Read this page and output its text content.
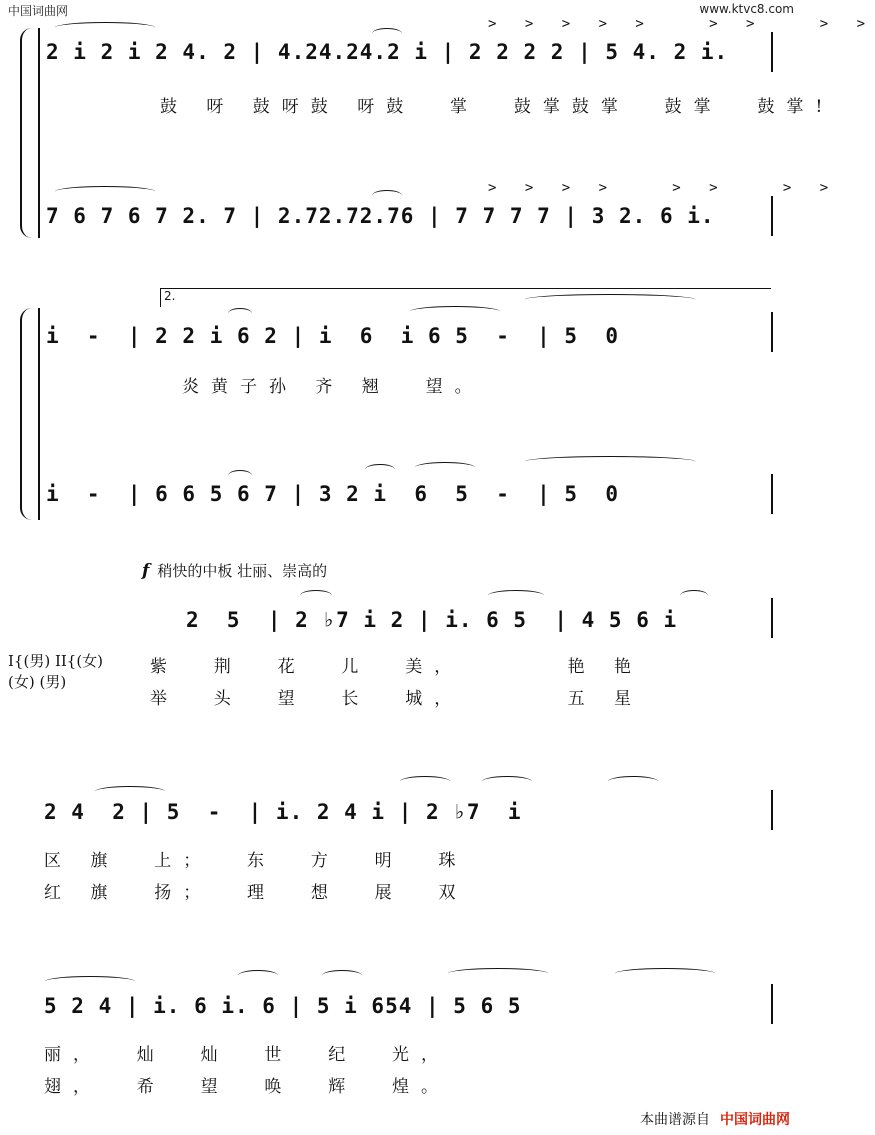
中国词曲网	www.ktvc8.com
> > > > >   > >   > >
2 i 2 i 2 4. 2 | 4.24.24.2 i | 2 2 2 2 | 5 4. 2 i.
鼓 呀 鼓呀鼓 呀鼓  掌  鼓掌鼓掌  鼓掌  鼓掌!
> > > >   > >   > >
7 6 7 6 7 2. 7 | 2.72.72.76 | 7 7 7 7 | 3 2. 6 i.
2.
i  -  | 2 2 i 6 2 | i  6  i 6 5  -  | 5  0
炎黄子孙 齐 翘  望。
i  -  | 6 6 5 6 7 | 3 2 i  6  5  -  | 5  0
f 稍快的中板 壮丽、崇高的
I{(男) II{(女)
(女) (男)
2  5  | 2 ♭7 i 2 | i. 6 5  | 4 5 6 i
紫  荆  花  儿  美，      艳 艳
举  头  望  长  城，      五 星
2 4  2 | 5  -  | i. 2 4 i | 2 ♭7  i
区 旗  上；  东  方  明  珠
红 旗  扬；  理  想  展  双
5 2 4 | i. 6 i. 6 | 5 i 654 | 5 6 5
丽，  灿  灿  世  纪  光，
翅，  希  望  唤  辉  煌。
本曲谱源自 中国词曲网
